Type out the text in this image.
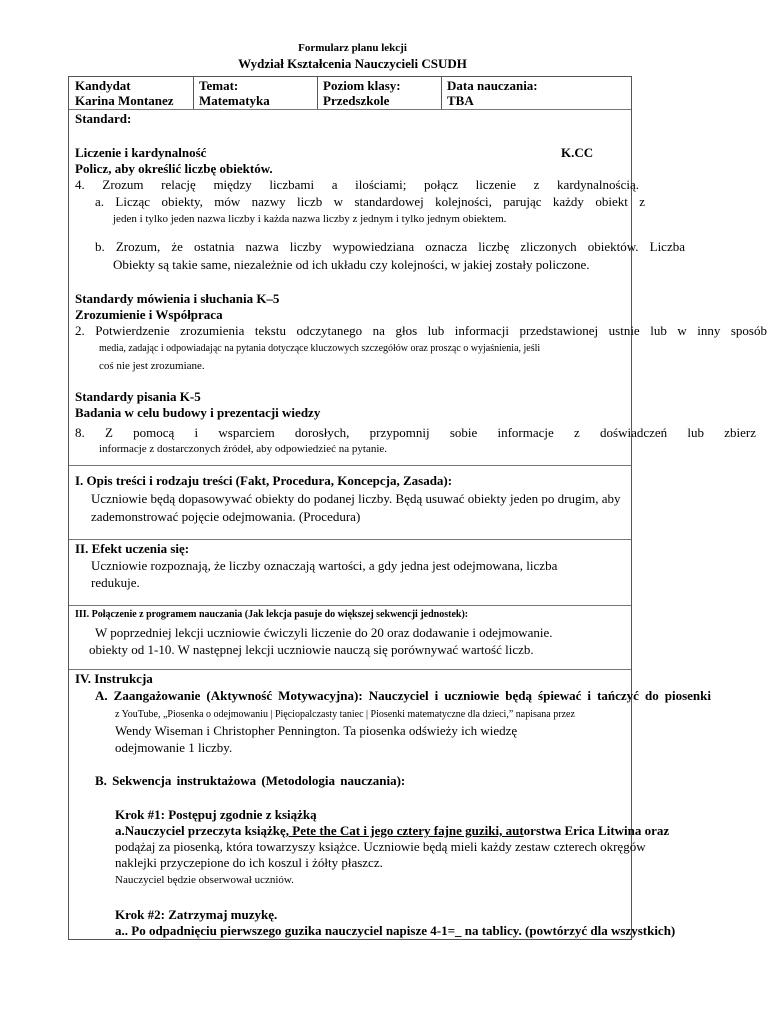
Formularz planu lekcji
Wydział Kształcenia Nauczycieli CSUDH
Kandydat
Karina Montanez
Temat:
Matematyka
Poziom klasy:
Przedszkole
Data nauczania:
TBA
Standard:
Liczenie i kardynalność	K.CC
Policz, aby określić liczbę obiektów.
4. Zrozum relację między liczbami a ilościami; połącz liczenie z kardynalnością.
a. Licząc obiekty, mów nazwy liczb w standardowej kolejności, parując każdy obiekt z
jeden i tylko jeden nazwa liczby i każda nazwa liczby z jednym i tylko jednym obiektem.
b. Zrozum, że ostatnia nazwa liczby wypowiedziana oznacza liczbę zliczonych obiektów. Liczba
Obiekty są takie same, niezależnie od ich układu czy kolejności, w jakiej zostały policzone.
Standardy mówienia i słuchania K–5
Zrozumienie i Współpraca
2. Potwierdzenie zrozumienia tekstu odczytanego na głos lub informacji przedstawionej ustnie lub w inny sposób
media, zadając i odpowiadając na pytania dotyczące kluczowych szczegółów oraz prosząc o wyjaśnienia, jeśli
coś nie jest zrozumiane.
Standardy pisania K-5
Badania w celu budowy i prezentacji wiedzy
8. Z pomocą i wsparciem dorosłych, przypomnij sobie informacje z doświadczeń lub zbierz
informacje z dostarczonych źródeł, aby odpowiedzieć na pytanie.
I. Opis treści i rodzaju treści (Fakt, Procedura, Koncepcja, Zasada):
Uczniowie będą dopasowywać obiekty do podanej liczby. Będą usuwać obiekty jeden po drugim, aby
zademonstrować pojęcie odejmowania. (Procedura)
II. Efekt uczenia się:
Uczniowie rozpoznają, że liczby oznaczają wartości, a gdy jedna jest odejmowana, liczba
redukuje.
III. Połączenie z programem nauczania (Jak lekcja pasuje do większej sekwencji jednostek):
W poprzedniej lekcji uczniowie ćwiczyli liczenie do 20 oraz dodawanie i odejmowanie.
obiekty od 1-10. W następnej lekcji uczniowie nauczą się porównywać wartość liczb.
IV. Instrukcja
A. Zaangażowanie (Aktywność Motywacyjna): Nauczyciel i uczniowie będą śpiewać i tańczyć do piosenki
z YouTube, „Piosenka o odejmowaniu | Pięciopalczasty taniec | Piosenki matematyczne dla dzieci,” napisana przez
Wendy Wiseman i Christopher Pennington. Ta piosenka odświeży ich wiedzę
odejmowanie 1 liczby.
B. Sekwencja instruktażowa (Metodologia nauczania):
Krok #1: Postępuj zgodnie z książką
a.Nauczyciel przeczyta książkę, Pete the Cat i jego cztery fajne guziki, autorstwa Erica Litwina oraz
podążaj za piosenką, która towarzyszy książce. Uczniowie będą mieli każdy zestaw czterech okręgów
naklejki przyczepione do ich koszul i żółty płaszcz.
Nauczyciel będzie obserwował uczniów.
Krok #2: Zatrzymaj muzykę.
a.. Po odpadnięciu pierwszego guzika nauczyciel napisze 4-1=_ na tablicy. (powtórzyć dla wszystkich)
